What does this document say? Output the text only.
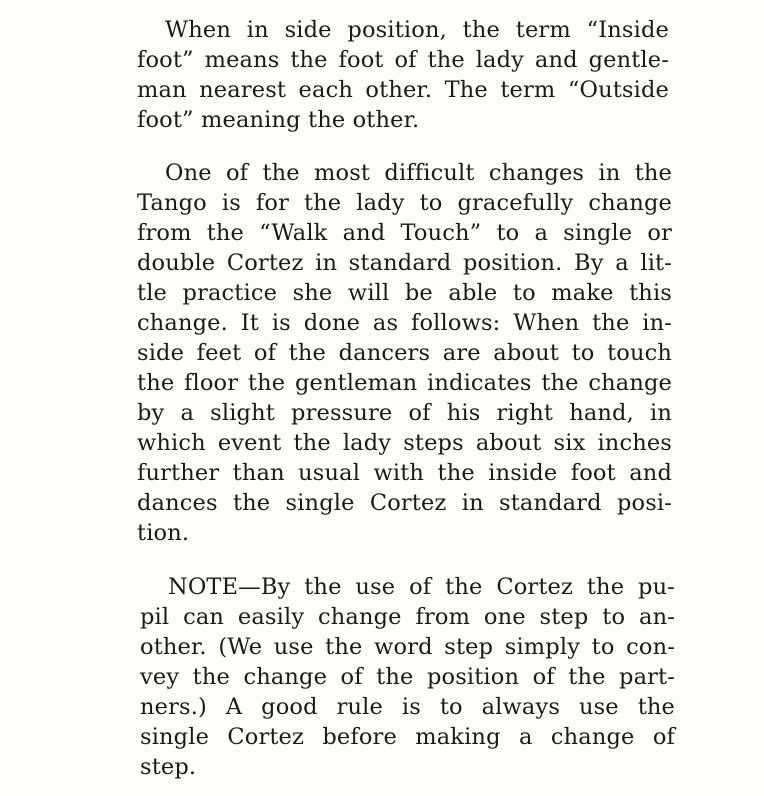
When in side position, the term “Inside
foot” means the foot of the lady and gentle-
man nearest each other. The term “Outside
foot” meaning the other.

One of the most difficult changes in the
Tango is for the lady to gracefully change
from the “Walk and Touch” to a single or
double Cortez in standard position. By a lit-
tle practice she will be able to make this
change. It is done as follows: When the in-
side feet of the dancers are about to touch
the floor the gentleman indicates the change
by a slight pressure of his right hand, in
which event the lady steps about six inches
further than usual with the inside foot and
dances the single Cortez in standard posi-
tion.

NOTE—By the use of the Cortez the pu-
pil can easily change from one step to an-
other. (We use the word step simply to con-
vey the change of the position of the part-
ners.) A good rule is to always use the
single Cortez before making a change of
step.
